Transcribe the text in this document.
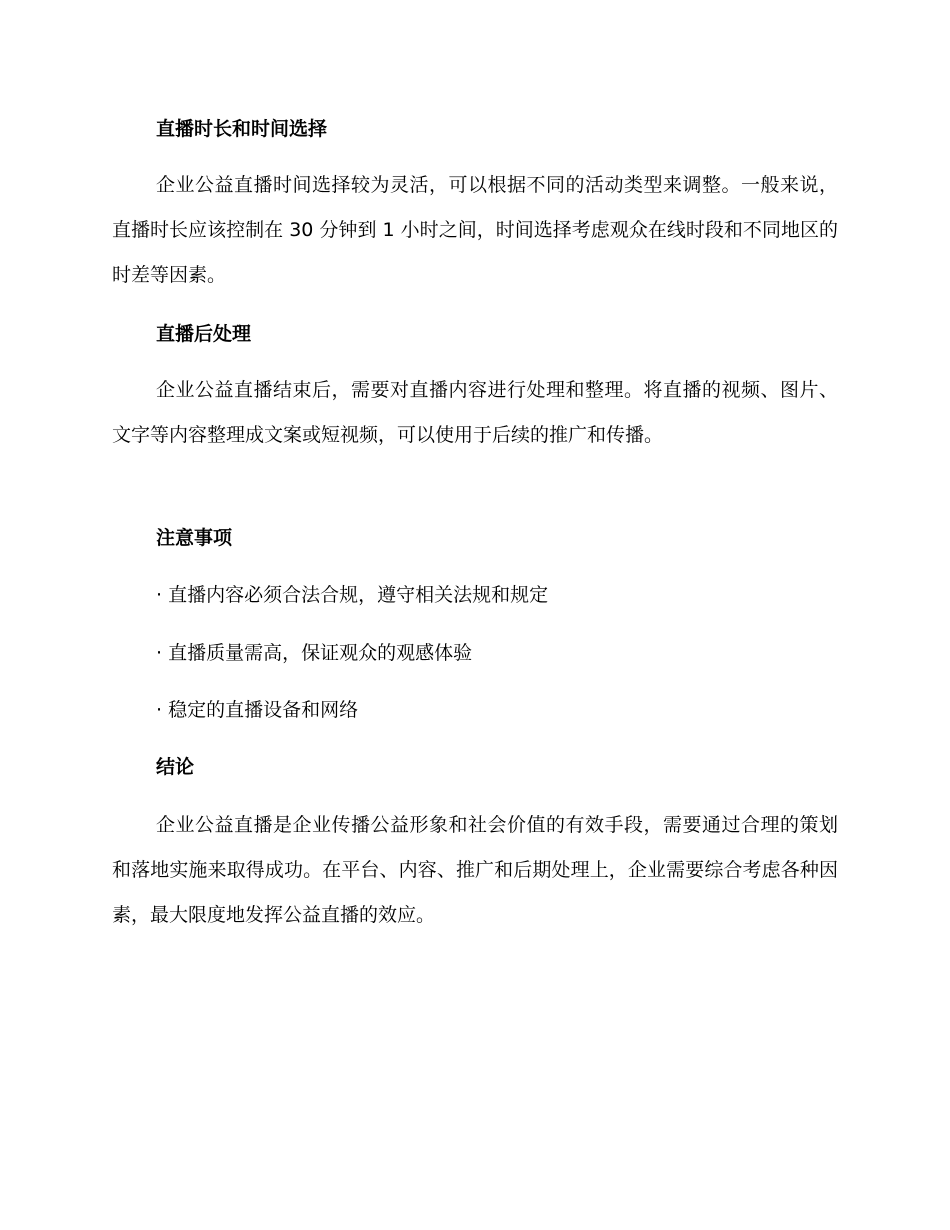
直播时长和时间选择
企业公益直播时间选择较为灵活，可以根据不同的活动类型来调整。一般来说，直播时长应该控制在 30 分钟到 1 小时之间，时间选择考虑观众在线时段和不同地区的时差等因素。
直播后处理
企业公益直播结束后，需要对直播内容进行处理和整理。将直播的视频、图片、文字等内容整理成文案或短视频，可以使用于后续的推广和传播。
注意事项
· 直播内容必须合法合规，遵守相关法规和规定
· 直播质量需高，保证观众的观感体验
· 稳定的直播设备和网络
结论
企业公益直播是企业传播公益形象和社会价值的有效手段，需要通过合理的策划和落地实施来取得成功。在平台、内容、推广和后期处理上，企业需要综合考虑各种因素，最大限度地发挥公益直播的效应。
